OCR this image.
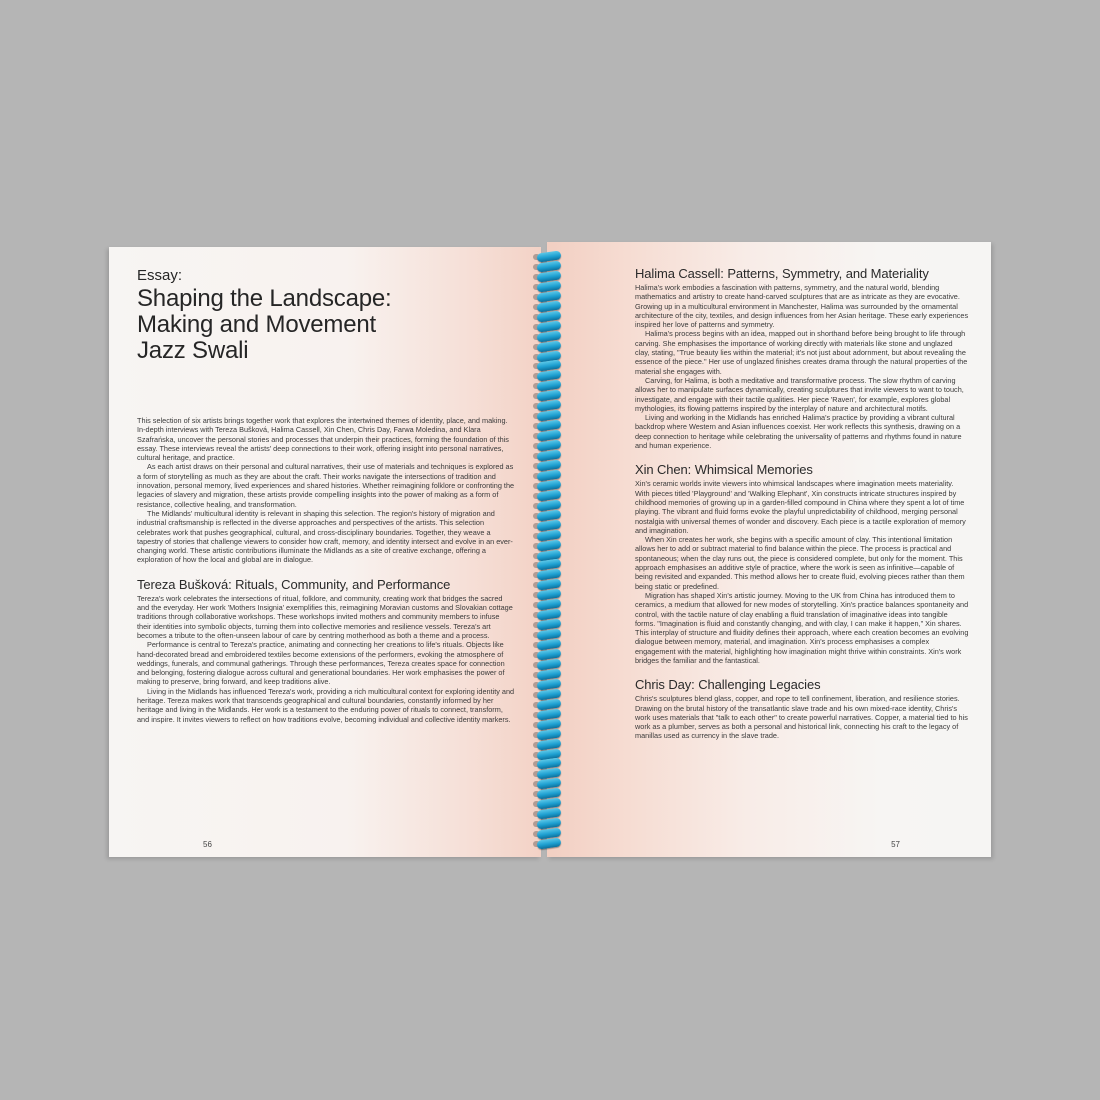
Essay:
Shaping the Landscape:
Making and Movement
Jazz Swali

This selection of six artists brings together work that explores the intertwined themes of identity, place, and making. In-depth interviews with Tereza Bušková, Halima Cassell, Xin Chen, Chris Day, Farwa Moledina, and Klara Szafrańska, uncover the personal stories and processes that underpin their practices, forming the foundation of this essay. These interviews reveal the artists' deep connections to their work, offering insight into personal narratives, cultural heritage, and practice.

As each artist draws on their personal and cultural narratives, their use of materials and techniques is explored as a form of storytelling as much as they are about the craft. Their works navigate the intersections of tradition and innovation, personal memory, lived experiences and shared histories. Whether reimagining folklore or confronting the legacies of slavery and migration, these artists provide compelling insights into the power of making as a form of resistance, collective healing, and transformation.

The Midlands' multicultural identity is relevant in shaping this selection. The region's history of migration and industrial craftsmanship is reflected in the diverse approaches and perspectives of the artists. This selection celebrates work that pushes geographical, cultural, and cross-disciplinary boundaries. Together, they weave a tapestry of stories that challenge viewers to consider how craft, memory, and identity intersect and evolve in an ever-changing world. These artistic contributions illuminate the Midlands as a site of creative exchange, offering a exploration of how the local and global are in dialogue.

Tereza Bušková: Rituals, Community, and Performance

Tereza's work celebrates the intersections of ritual, folklore, and community, creating work that bridges the sacred and the everyday. Her work 'Mothers Insignia' exemplifies this, reimagining Moravian customs and Slovakian cottage traditions through collaborative workshops. These workshops invited mothers and community members to infuse their identities into symbolic objects, turning them into collective memories and resilience vessels. Tereza's art becomes a tribute to the often-unseen labour of care by centring motherhood as both a theme and a process.

Performance is central to Tereza's practice, animating and connecting her creations to life's rituals. Objects like hand-decorated bread and embroidered textiles become extensions of the performers, evoking the atmosphere of weddings, funerals, and communal gatherings. Through these performances, Tereza creates space for connection and belonging, fostering dialogue across cultural and generational boundaries. Her work emphasises the power of making to preserve, bring forward, and keep traditions alive.

Living in the Midlands has influenced Tereza's work, providing a rich multicultural context for exploring identity and heritage. Tereza makes work that transcends geographical and cultural boundaries, constantly informed by her heritage and living in the Midlands. Her work is a testament to the enduring power of rituals to connect, transform, and inspire. It invites viewers to reflect on how traditions evolve, becoming individual and collective identity markers.

56
Halima Cassell: Patterns, Symmetry, and Materiality

Halima's work embodies a fascination with patterns, symmetry, and the natural world, blending mathematics and artistry to create hand-carved sculptures that are as intricate as they are evocative. Growing up in a multicultural environment in Manchester, Halima was surrounded by the ornamental architecture of the city, textiles, and design influences from her Asian heritage. These early experiences inspired her love of patterns and symmetry.

Halima's process begins with an idea, mapped out in shorthand before being brought to life through carving. She emphasises the importance of working directly with materials like stone and unglazed clay, stating, "True beauty lies within the material; it's not just about adornment, but about revealing the essence of the piece." Her use of unglazed finishes creates drama through the natural properties of the material she engages with.

Carving, for Halima, is both a meditative and transformative process. The slow rhythm of carving allows her to manipulate surfaces dynamically, creating sculptures that invite viewers to want to touch, investigate, and engage with their tactile qualities. Her piece 'Raven', for example, explores global mythologies, its flowing patterns inspired by the interplay of nature and architectural motifs.

Living and working in the Midlands has enriched Halima's practice by providing a vibrant cultural backdrop where Western and Asian influences coexist. Her work reflects this synthesis, drawing on a deep connection to heritage while celebrating the universality of patterns and rhythms found in nature and human experience.

Xin Chen: Whimsical Memories

Xin's ceramic worlds invite viewers into whimsical landscapes where imagination meets materiality. With pieces titled 'Playground' and 'Walking Elephant', Xin constructs intricate structures inspired by childhood memories of growing up in a garden-filled compound in China where they spent a lot of time playing. The vibrant and fluid forms evoke the playful unpredictability of childhood, merging personal nostalgia with universal themes of wonder and discovery. Each piece is a tactile exploration of memory and imagination.

When Xin creates her work, she begins with a specific amount of clay. This intentional limitation allows her to add or subtract material to find balance within the piece. The process is practical and spontaneous; when the clay runs out, the piece is considered complete, but only for the moment. This approach emphasises an additive style of practice, where the work is seen as infinitive—capable of being revisited and expanded. This method allows her to create fluid, evolving pieces rather than them being static or predefined.

Migration has shaped Xin's artistic journey. Moving to the UK from China has introduced them to ceramics, a medium that allowed for new modes of storytelling. Xin's practice balances spontaneity and control, with the tactile nature of clay enabling a fluid translation of imaginative ideas into tangible forms. "Imagination is fluid and constantly changing, and with clay, I can make it happen," Xin shares. This interplay of structure and fluidity defines their approach, where each creation becomes an evolving dialogue between memory, material, and imagination. Xin's process emphasises a complex engagement with the material, highlighting how imagination might thrive within constraints. Xin's work bridges the familiar and the fantastical.

Chris Day: Challenging Legacies

Chris's sculptures blend glass, copper, and rope to tell confinement, liberation, and resilience stories. Drawing on the brutal history of the transatlantic slave trade and his own mixed-race identity, Chris's work uses materials that "talk to each other" to create powerful narratives. Copper, a material tied to his work as a plumber, serves as both a personal and historical link, connecting his craft to the legacy of manillas used as currency in the slave trade.

57
